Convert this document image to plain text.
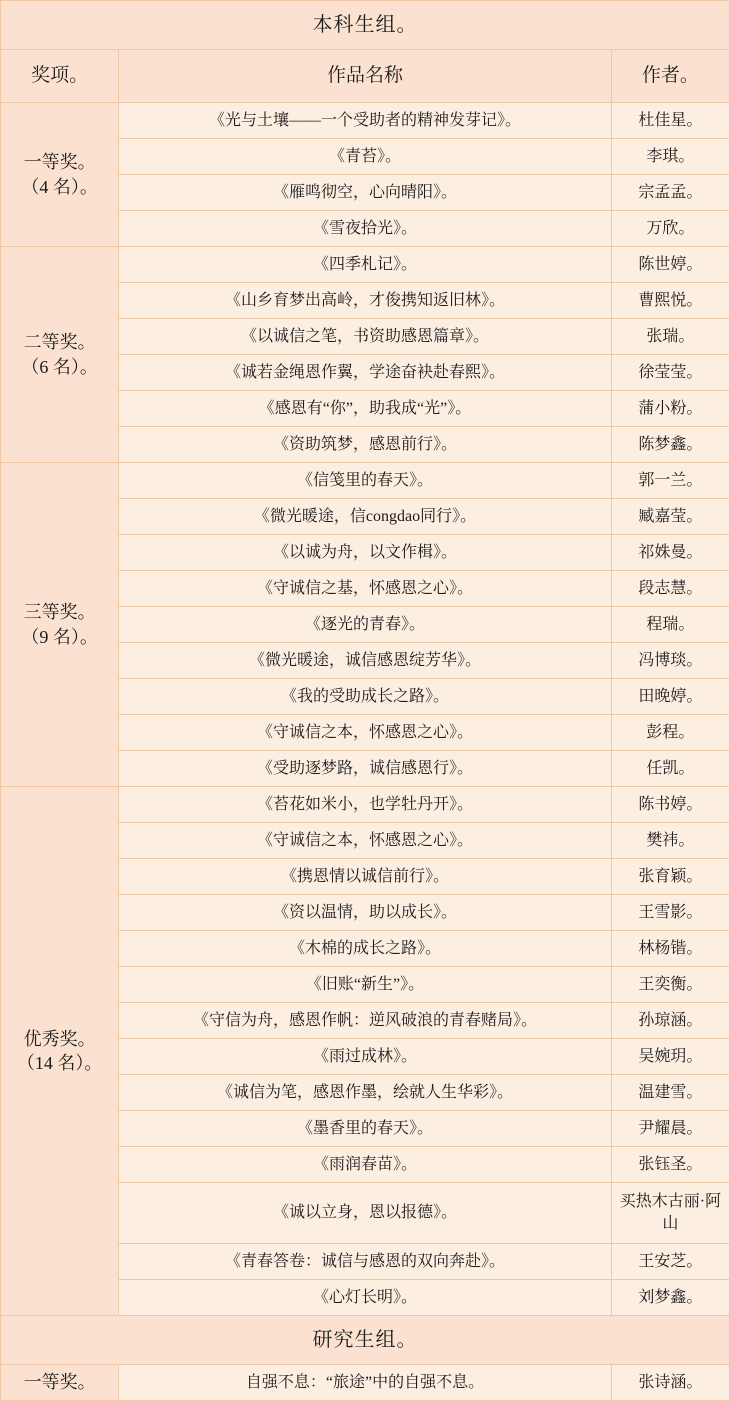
本科生组。		
奖项。	作品名称	作者。

一等奖。
（4 名）。	《光与土壤——一个受助者的精神发芽记》。	杜佳星。
	《青苔》。	李琪。
	《雁鸣彻空，心向晴阳》。	宗孟孟。
	《雪夜拾光》。	万欣。

二等奖。
（6 名）。	《四季札记》。	陈世婷。
	《山乡育梦出高岭，才俊携知返旧林》。	曹熙悦。
	《以诚信之笔，书资助感恩篇章》。	张瑞。
	《诚若金绳恩作翼，学途奋袂赴春熙》。	徐莹莹。
	《感恩有“你”，助我成“光”》。	蒲小粉。
	《资助筑梦，感恩前行》。	陈梦鑫。

三等奖。
（9 名）。	《信笺里的春天》。	郭一兰。
	《微光暖途，信congdao同行》。	臧嘉莹。
	《以诚为舟，以文作楫》。	祁姝曼。
	《守诚信之基，怀感恩之心》。	段志慧。
	《逐光的青春》。	程瑞。
	《微光暖途，诚信感恩绽芳华》。	冯博琰。
	《我的受助成长之路》。	田晚婷。
	《守诚信之本，怀感恩之心》。	彭程。
	《受助逐梦路，诚信感恩行》。	任凯。

优秀奖。
（14 名）。	《苔花如米小，也学牡丹开》。	陈书婷。
	《守诚信之本，怀感恩之心》。	樊祎。
	《携恩情以诚信前行》。	张育颖。
	《资以温情，助以成长》。	王雪影。
	《木棉的成长之路》。	林杨锴。
	《旧账“新生”》。	王奕衡。
	《守信为舟，感恩作帆：逆风破浪的青春赌局》。	孙琼涵。
	《雨过成林》。	吴婉玥。
	《诚信为笔，感恩作墨，绘就人生华彩》。	温建雪。
	《墨香里的春天》。	尹耀晨。
	《雨润春苗》。	张钰圣。
	《诚以立身，恩以报德》。	买热木古丽·阿山
	《青春答卷：诚信与感恩的双向奔赴》。	王安芝。
	《心灯长明》。	刘梦鑫。
研究生组。		

一等奖。	自强不息：“旅途”中的自强不息。	张诗涵。
